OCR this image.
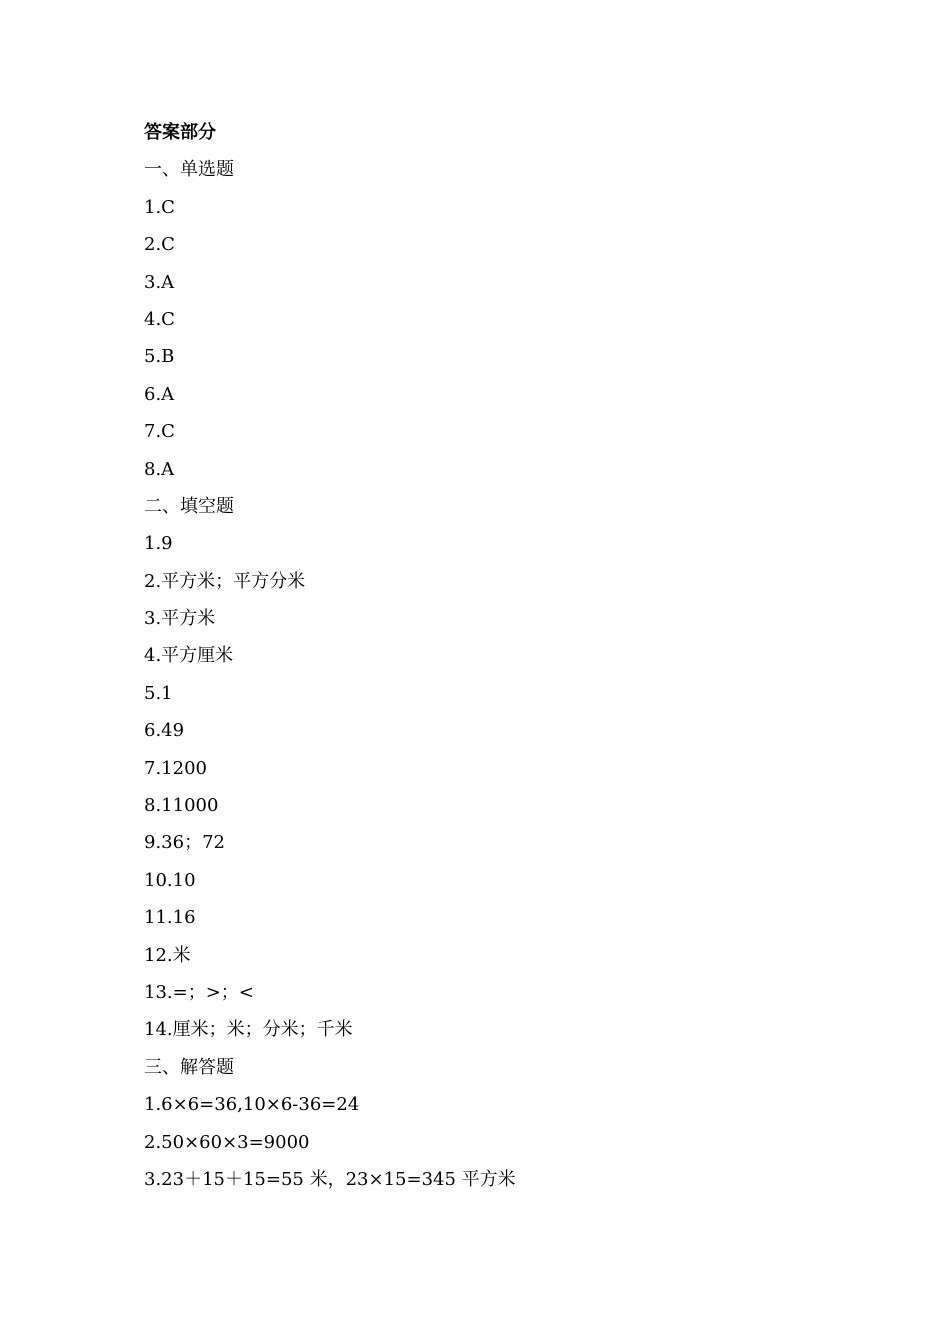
答案部分
一、单选题
1.C
2.C
3.A
4.C
5.B
6.A
7.C
8.A
二、填空题
1.9
2.平方米；平方分米
3.平方米
4.平方厘米
5.1
6.49
7.1200
8.11000
9.36；72
10.10
11.16
12.米
13.=；>；<
14.厘米；米；分米；千米
三、解答题
1.6×6=36,10×6-36=24
2.50×60×3=9000
3.23＋15＋15=55 米，23×15=345 平方米
